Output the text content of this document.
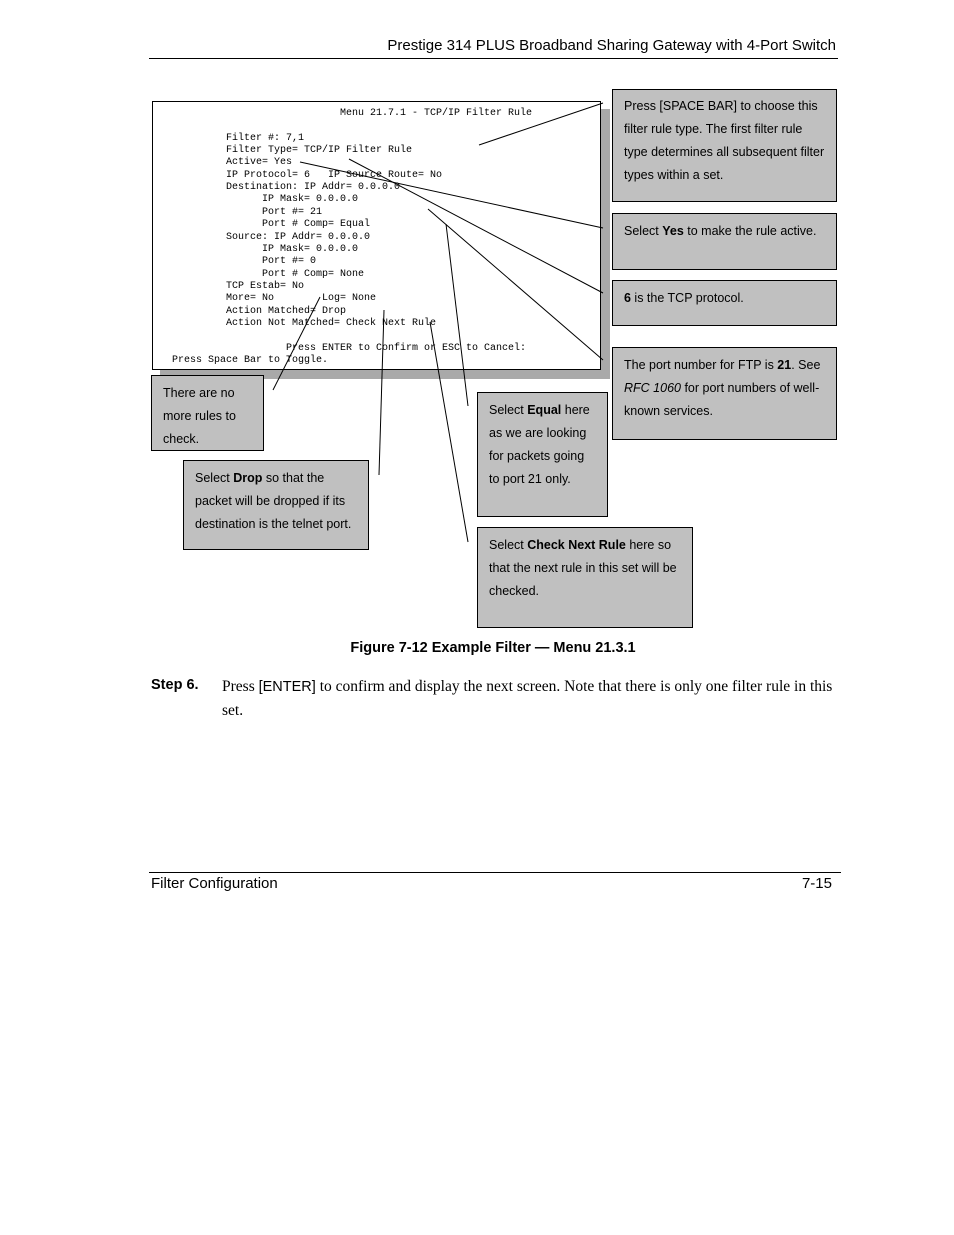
Prestige 314 PLUS Broadband Sharing Gateway with 4-Port Switch
Menu 21.7.1 - TCP/IP Filter Rule
Filter #: 7,1
Filter Type= TCP/IP Filter Rule
Active= Yes
IP Protocol= 6   IP Source Route= No
Destination: IP Addr= 0.0.0.0
IP Mask= 0.0.0.0
Port #= 21
Port # Comp= Equal
Source: IP Addr= 0.0.0.0
IP Mask= 0.0.0.0
Port #= 0
Port # Comp= None
TCP Estab= No
More= No        Log= None
Action Matched= Drop
Action Not Matched= Check Next Rule
Press ENTER to Confirm or ESC to Cancel:
Press Space Bar to Toggle.
Press [SPACE BAR] to choose this filter rule type. The first filter rule type determines all subsequent filter types within a set.
Select Yes to make the rule active.
6 is the TCP protocol.
The port number for FTP is 21. See RFC 1060 for port numbers of well-known services.
There are no more rules to check.
Select Drop so that the packet will be dropped if its destination is the telnet port.
Select Equal here as we are looking for packets going to port 21 only.
Select Check Next Rule here so that the next rule in this set will be checked.
Figure 7-12 Example Filter — Menu 21.3.1
Step 6. Press [ENTER] to confirm and display the next screen. Note that there is only one filter rule in this set.
Filter Configuration	7-15
